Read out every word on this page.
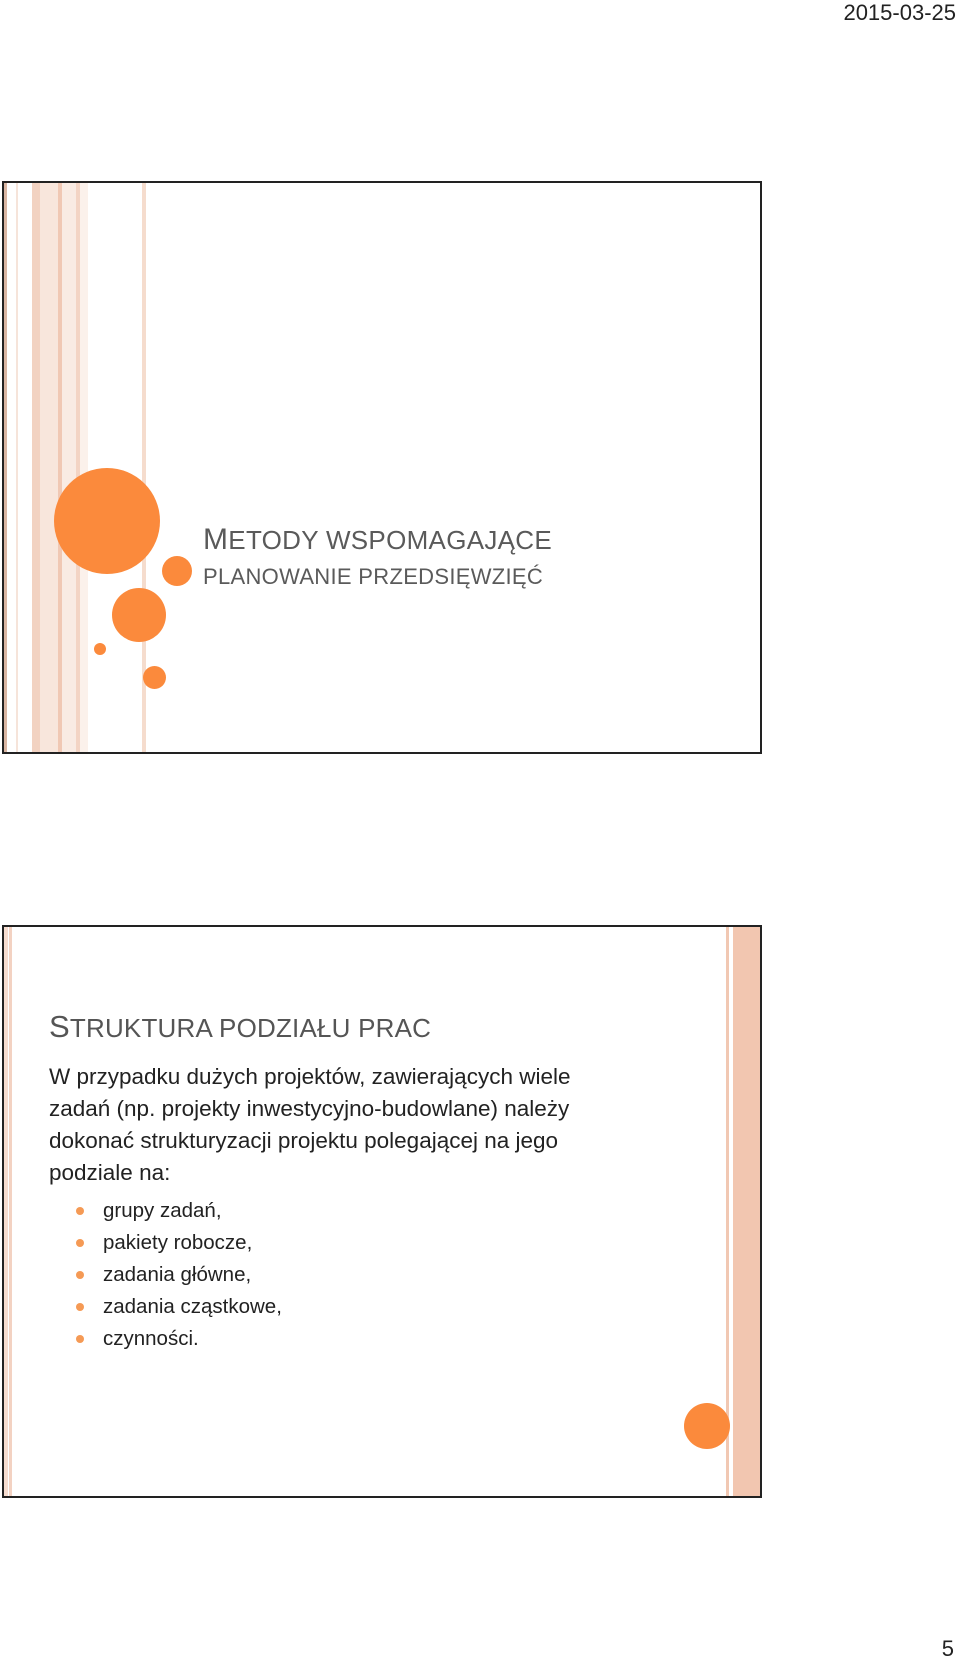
2015-03-25
METODY WSPOMAGAJĄCE
PLANOWANIE PRZEDSIĘWZIĘĆ
STRUKTURA PODZIAŁU PRAC
W przypadku dużych projektów, zawierających wiele
zadań (np. projekty inwestycyjno-budowlane) należy
dokonać strukturyzacji projektu polegającej na jego
podziale na:
grupy zadań,
pakiety robocze,
zadania główne,
zadania cząstkowe,
czynności.
5
